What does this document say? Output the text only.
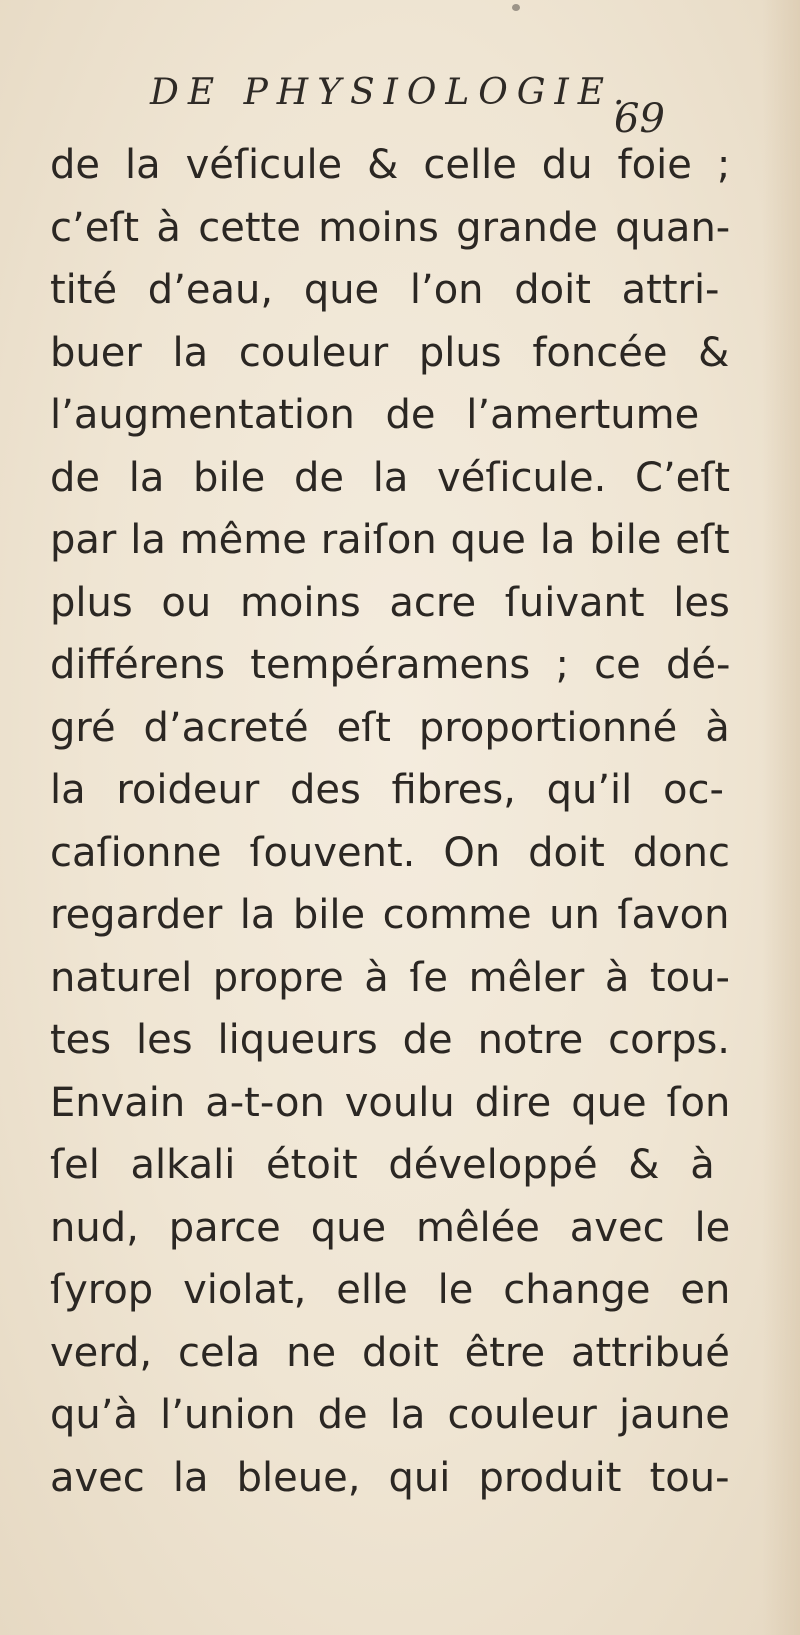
DE PHYSIOLOGIE.
69
de la véſicule & celle du foie ;
c’eſt à cette moins grande quan-
tité d’eau, que l’on doit attri-
buer la couleur plus foncée &
l’augmentation de l’amertume
de la bile de la véſicule. C’eſt
par la même raiſon que la bile eſt
plus ou moins acre ſuivant les
différens tempéramens ; ce dé-
gré d’acreté eſt proportionné à
la roideur des fibres, qu’il oc-
caſionne ſouvent. On doit donc
regarder la bile comme un ſavon
naturel propre à ſe mêler à tou-
tes les liqueurs de notre corps.
Envain a-t-on voulu dire que ſon
ſel alkali étoit développé & à
nud, parce que mêlée avec le
ſyrop violat, elle le change en
verd, cela ne doit être attribué
qu’à l’union de la couleur jaune
avec la bleue, qui produit tou-
